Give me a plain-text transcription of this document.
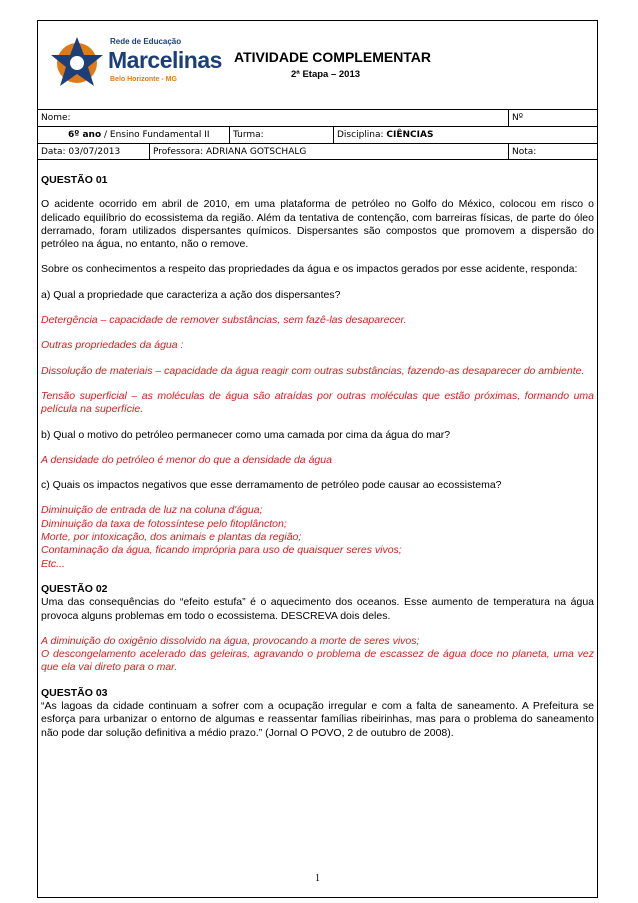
Rede de Educação
Marcelinas
Belo Horizonte - MG
ATIVIDADE COMPLEMENTAR
2ª Etapa – 2013
Nome:	Nº
6º ano / Ensino Fundamental II	Turma:	Disciplina: CIÊNCIAS
Data: 03/07/2013	Professora: ADRIANA GOTSCHALG	Nota:

QUESTÃO 01

O acidente ocorrido em abril de 2010, em uma plataforma de petróleo no Golfo do México, colocou em risco o delicado equilíbrio do ecossistema da região. Além da tentativa de contenção, com barreiras físicas, de parte do óleo derramado, foram utilizados dispersantes químicos. Dispersantes são compostos que promovem a dispersão do petróleo na água, no entanto, não o remove.

Sobre os conhecimentos a respeito das propriedades da água e os impactos gerados por esse acidente, responda:

a) Qual a propriedade que caracteriza a ação dos dispersantes?

Detergência – capacidade de remover substâncias, sem fazê-las desaparecer.

Outras propriedades da água :

Dissolução de materiais – capacidade da água reagir com outras substâncias, fazendo-as desaparecer do ambiente.

Tensão superficial – as moléculas de água são atraídas por outras moléculas que estão próximas, formando uma película na superfície.

b) Qual o motivo do petróleo permanecer como uma camada por cima da água do mar?

A densidade do petróleo é menor do que a densidade da água

c) Quais os impactos negativos que esse derramamento de petróleo pode causar ao ecossistema?

Diminuição de entrada de luz na coluna d'água;

Diminuição da taxa de fotossíntese pelo fitoplâncton;

Morte, por intoxicação, dos animais e plantas da região;

Contaminação da água, ficando imprópria para uso de quaisquer seres vivos;

Etc...

QUESTÃO 02

Uma das consequências do “efeito estufa” é o aquecimento dos oceanos. Esse aumento de temperatura na água provoca alguns problemas em todo o ecossistema. DESCREVA dois deles.

A diminuição do oxigênio dissolvido na água, provocando a morte de seres vivos;

O descongelamento acelerado das geleiras, agravando o problema de escassez de água doce no planeta, uma vez que ela vai direto para o mar.

QUESTÃO 03

“As lagoas da cidade continuam a sofrer com a ocupação irregular e com a falta de saneamento. A Prefeitura se esforça para urbanizar o entorno de algumas e reassentar famílias ribeirinhas, mas para o problema do saneamento não pode dar solução definitiva a médio prazo.” (Jornal O POVO, 2 de outubro de 2008).

1
